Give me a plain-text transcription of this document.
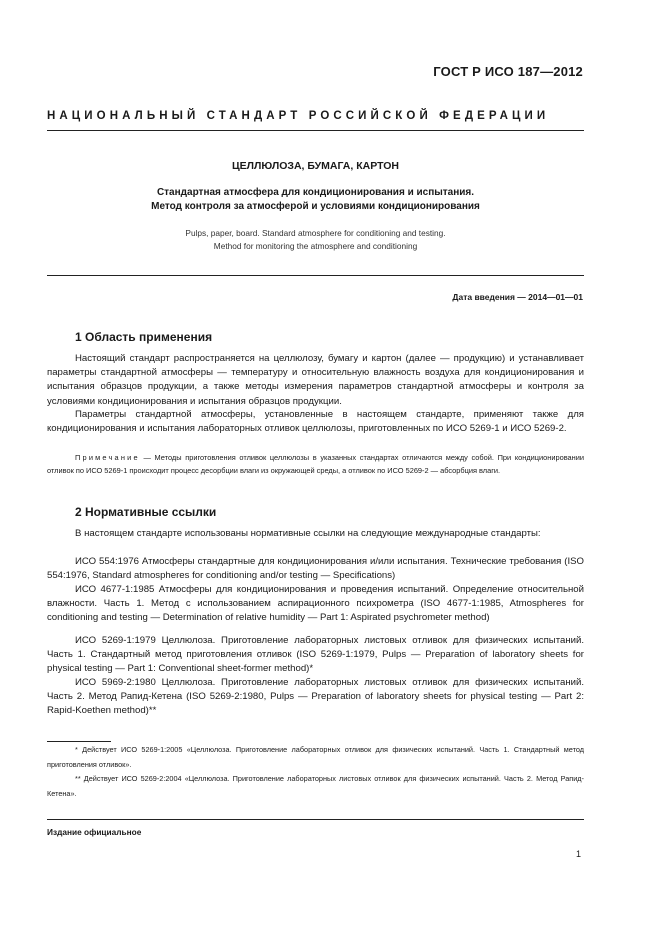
ГОСТ Р ИСО 187—2012
НАЦИОНАЛЬНЫЙ СТАНДАРТ РОССИЙСКОЙ ФЕДЕРАЦИИ
ЦЕЛЛЮЛОЗА, БУМАГА, КАРТОН
Стандартная атмосфера для кондиционирования и испытания.
Метод контроля за атмосферой и условиями кондиционирования
Pulps, paper, board. Standard atmosphere for conditioning and testing.
Method for monitoring the atmosphere and conditioning
Дата введения — 2014—01—01
1 Область применения
Настоящий стандарт распространяется на целлюлозу, бумагу и картон (далее — продукцию) и устанавливает параметры стандартной атмосферы — температуру и относительную влажность воздуха для кондиционирования и испытания образцов продукции, а также методы измерения параметров стандартной атмосферы и контроля за условиями кондиционирования и испытания образцов продукции.
Параметры стандартной атмосферы, установленные в настоящем стандарте, применяют также для кондиционирования и испытания лабораторных отливок целлюлозы, приготовленных по ИСО 5269-1 и ИСО 5269-2.
Примечание — Методы приготовления отливок целлюлозы в указанных стандартах отличаются между собой. При кондиционировании отливок по ИСО 5269-1 происходит процесс десорбции влаги из окружающей среды, а отливок по ИСО 5269-2 — абсорбция влаги.
2 Нормативные ссылки
В настоящем стандарте использованы нормативные ссылки на следующие международные стандарты:
ИСО 554:1976 Атмосферы стандартные для кондиционирования и/или испытания. Технические требования (ISO 554:1976, Standard atmospheres for conditioning and/or testing — Specifications)
ИСО 4677-1:1985 Атмосферы для кондиционирования и проведения испытаний. Определение относительной влажности. Часть 1. Метод с использованием аспирационного психрометра (ISO 4677-1:1985, Atmospheres for conditioning and testing — Determination of relative humidity — Part 1: Aspirated psychrometer method)
ИСО 5269-1:1979 Целлюлоза. Приготовление лабораторных листовых отливок для физических испытаний. Часть 1. Стандартный метод приготовления отливок (ISO 5269-1:1979, Pulps — Preparation of laboratory sheets for physical testing — Part 1: Conventional sheet-former method)*
ИСО 5969-2:1980 Целлюлоза. Приготовление лабораторных листовых отливок для физических испытаний. Часть 2. Метод Рапид-Кетена (ISO 5269-2:1980, Pulps — Preparation of laboratory sheets for physical testing — Part 2: Rapid-Koethen method)**
* Действует ИСО 5269-1:2005 «Целлюлоза. Приготовление лабораторных отливок для физических испытаний. Часть 1. Стандартный метод приготовления отливок».
** Действует ИСО 5269-2:2004 «Целлюлоза. Приготовление лабораторных листовых отливок для физических испытаний. Часть 2. Метод Рапид-Кетена».
Издание официальное
1
